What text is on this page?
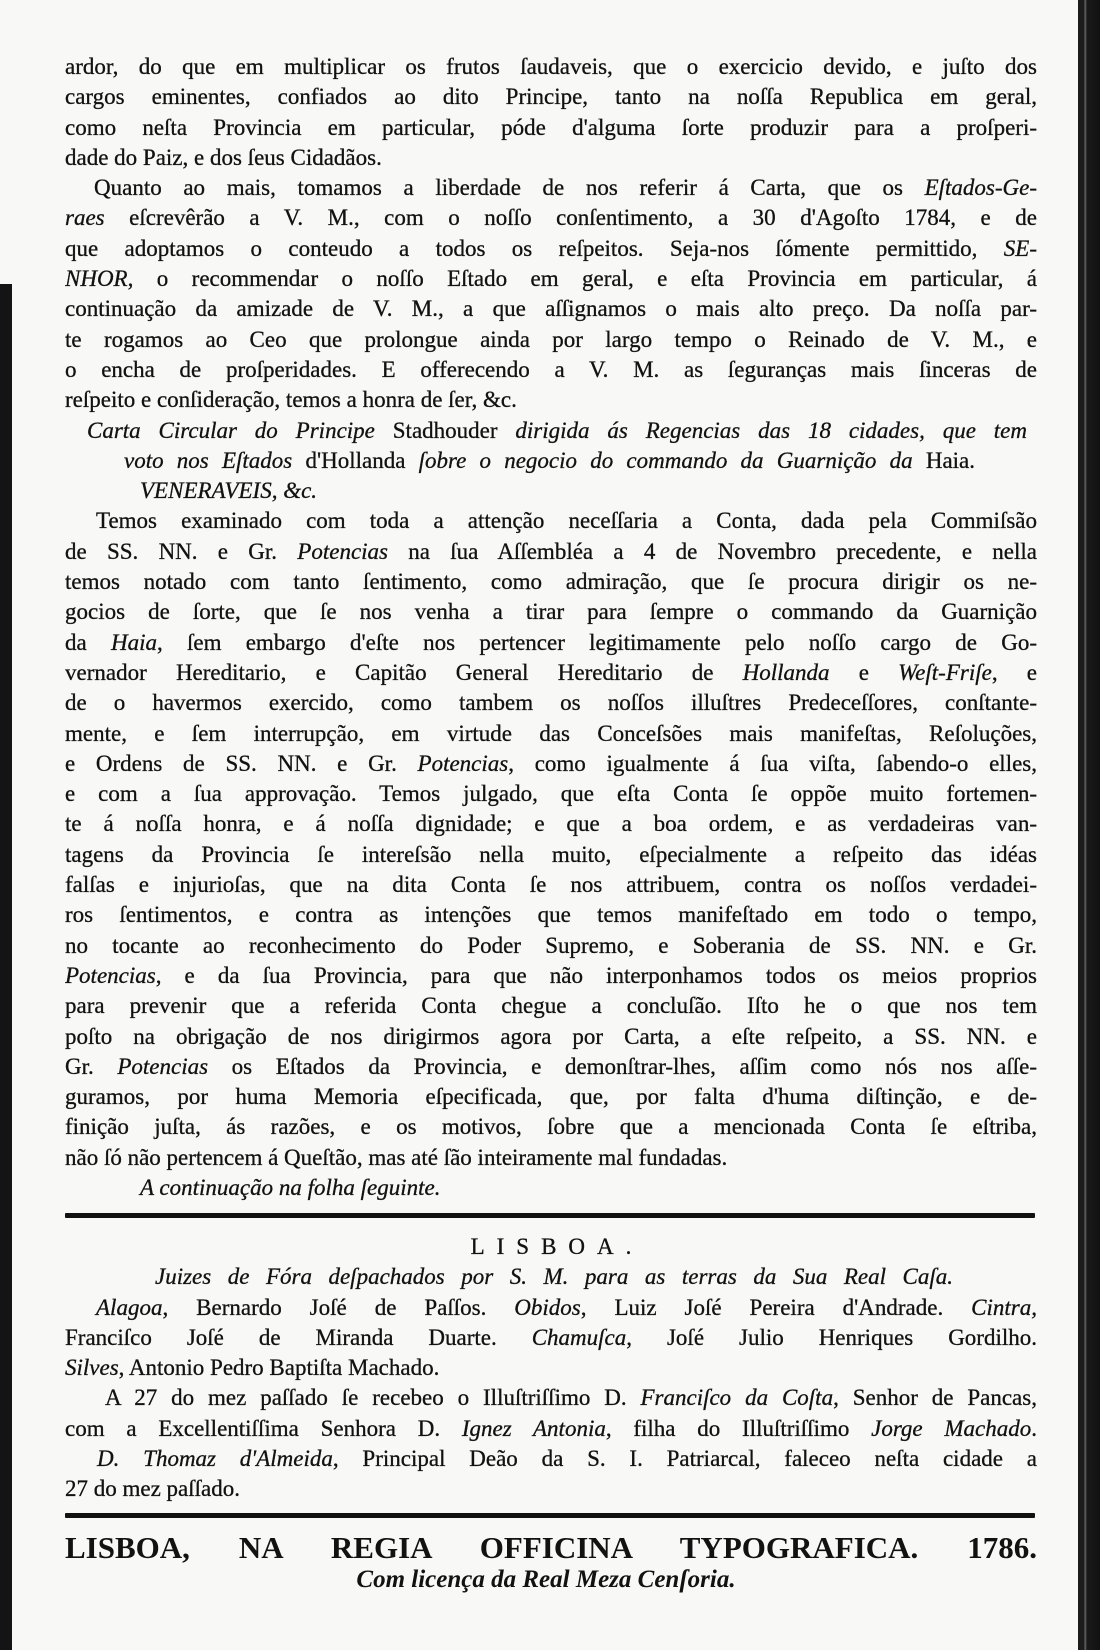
ardor, do que em multiplicar os frutos ſaudaveis, que o exercicio devido, e juſto dos
cargos eminentes, confiados ao dito Principe, tanto na noſſa Republica em geral,
como neſta Provincia em particular, póde d'alguma ſorte produzir para a proſperi-
dade do Paiz, e dos ſeus Cidadãos.
Quanto ao mais, tomamos a liberdade de nos referir á Carta, que os Eſtados-Ge-
raes eſcrevêrão a V. M., com o noſſo conſentimento, a 30 d'Agoſto 1784, e de
que adoptamos o conteudo a todos os reſpeitos. Seja-nos ſómente permittido, SE-
NHOR, o recommendar o noſſo Eſtado em geral, e eſta Provincia em particular, á
continuação da amizade de V. M., a que aſſignamos o mais alto preço. Da noſſa par-
te rogamos ao Ceo que prolongue ainda por largo tempo o Reinado de V. M., e
o encha de proſperidades. E offerecendo a V. M. as ſeguranças mais ſinceras de
reſpeito e conſideração, temos a honra de ſer, &c.
Carta Circular do Principe Stadhouder dirigida ás Regencias das 18 cidades, que tem
voto nos Eſtados d'Hollanda ſobre o negocio do commando da Guarnição da Haia.
VENERAVEIS, &c.
Temos examinado com toda a attenção neceſſaria a Conta, dada pela Commiſsão
de SS. NN. e Gr. Potencias na ſua Aſſembléa a 4 de Novembro precedente, e nella
temos notado com tanto ſentimento, como admiração, que ſe procura dirigir os ne-
gocios de ſorte, que ſe nos venha a tirar para ſempre o commando da Guarnição
da Haia, ſem embargo d'eſte nos pertencer legitimamente pelo noſſo cargo de Go-
vernador Hereditario, e Capitão General Hereditario de Hollanda e Weſt-Friſe, e
de o havermos exercido, como tambem os noſſos illuſtres Predeceſſores, conſtante-
mente, e ſem interrupção, em virtude das Conceſsões mais manifeſtas, Reſoluções,
e Ordens de SS. NN. e Gr. Potencias, como igualmente á ſua viſta, ſabendo-o elles,
e com a ſua approvação. Temos julgado, que eſta Conta ſe oppõe muito fortemen-
te á noſſa honra, e á noſſa dignidade; e que a boa ordem, e as verdadeiras van-
tagens da Provincia ſe intereſsão nella muito, eſpecialmente a reſpeito das idéas
falſas e injurioſas, que na dita Conta ſe nos attribuem, contra os noſſos verdadei-
ros ſentimentos, e contra as intenções que temos manifeſtado em todo o tempo,
no tocante ao reconhecimento do Poder Supremo, e Soberania de SS. NN. e Gr.
Potencias, e da ſua Provincia, para que não interponhamos todos os meios proprios
para prevenir que a referida Conta chegue a concluſão. Iſto he o que nos tem
poſto na obrigação de nos dirigirmos agora por Carta, a eſte reſpeito, a SS. NN. e
Gr. Potencias os Eſtados da Provincia, e demonſtrar-lhes, aſſim como nós nos aſſe-
guramos, por huma Memoria eſpecificada, que, por falta d'huma diſtinção, e de-
finição juſta, ás razões, e os motivos, ſobre que a mencionada Conta ſe eſtriba,
não ſó não pertencem á Queſtão, mas até ſão inteiramente mal fundadas.
A continuação na folha ſeguinte.
LISBOA.
Juizes de Fóra deſpachados por S. M. para as terras da Sua Real Caſa.
Alagoa, Bernardo Joſé de Paſſos. Obidos, Luiz Joſé Pereira d'Andrade. Cintra,
Franciſco Joſé de Miranda Duarte. Chamuſca, Joſé Julio Henriques Gordilho.
Silves, Antonio Pedro Baptiſta Machado.
A 27 do mez paſſado ſe recebeo o Illuſtriſſimo D. Franciſco da Coſta, Senhor de Pancas,
com a Excellentiſſima Senhora D. Ignez Antonia, filha do Illuſtriſſimo Jorge Machado.
D. Thomaz d'Almeida, Principal Deão da S. I. Patriarcal, faleceo neſta cidade a
27 do mez paſſado.
LISBOA, NA REGIA OFFICINA TYPOGRAFICA. 1786.
Com licença da Real Meza Cenſoria.
